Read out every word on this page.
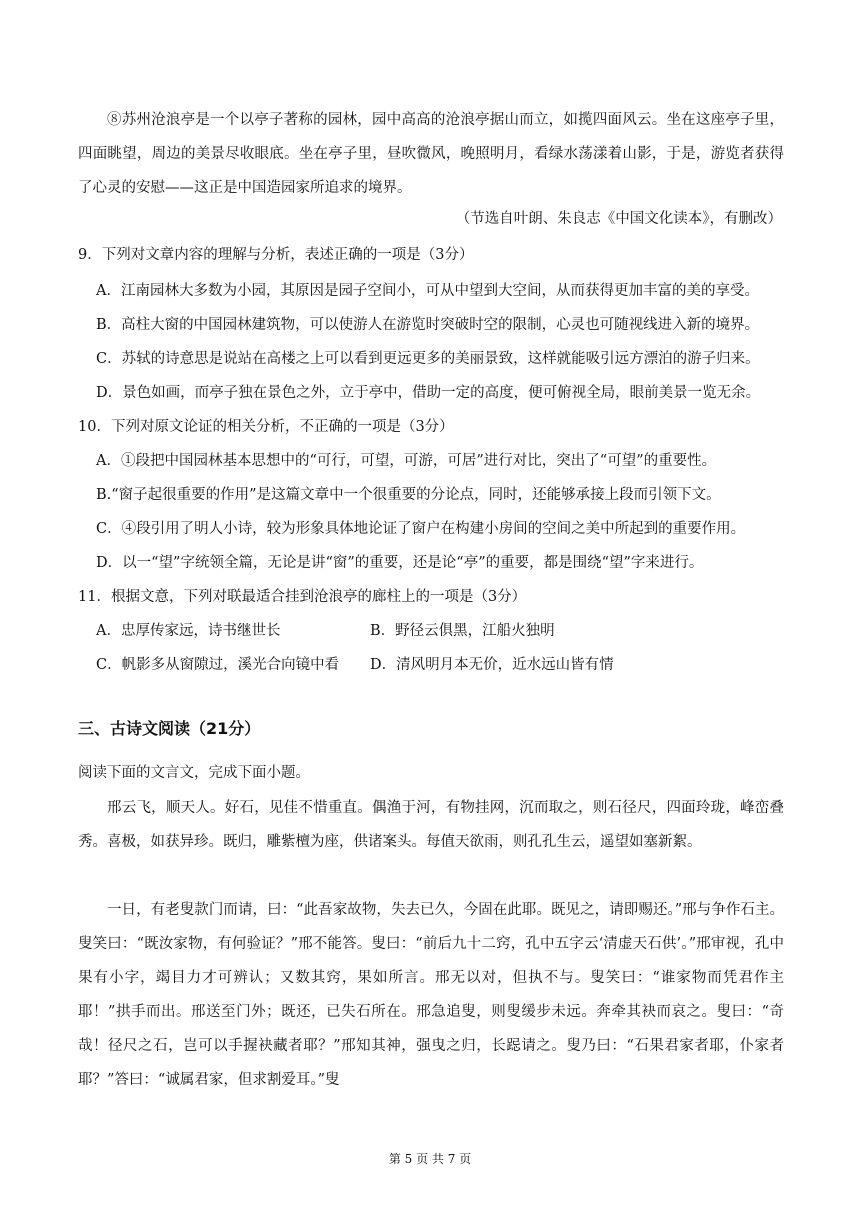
⑧苏州沧浪亭是一个以亭子著称的园林，园中高高的沧浪亭据山而立，如揽四面风云。坐在这座亭子里，四面眺望，周边的美景尽收眼底。坐在亭子里，昼吹微风，晚照明月，看绿水荡漾着山影，于是，游览者获得了心灵的安慰——这正是中国造园家所追求的境界。

（节选自叶朗、朱良志《中国文化读本》，有删改）
9．下列对文章内容的理解与分析，表述正确的一项是（3分）
A．江南园林大多数为小园，其原因是园子空间小，可从中望到大空间，从而获得更加丰富的美的享受。
B．高柱大窗的中国园林建筑物，可以使游人在游览时突破时空的限制，心灵也可随视线进入新的境界。
C．苏轼的诗意思是说站在高楼之上可以看到更远更多的美丽景致，这样就能吸引远方漂泊的游子归来。
D．景色如画，而亭子独在景色之外，立于亭中，借助一定的高度，便可俯视全局，眼前美景一览无余。
10．下列对原文论证的相关分析，不正确的一项是（3分）
A．①段把中国园林基本思想中的“可行，可望，可游，可居”进行对比，突出了“可望”的重要性。
B.“窗子起很重要的作用”是这篇文章中一个很重要的分论点，同时，还能够承接上段而引领下文。
C．④段引用了明人小诗，较为形象具体地论证了窗户在构建小房间的空间之美中所起到的重要作用。
D．以一“望”字统领全篇，无论是讲“窗”的重要，还是论“亭”的重要，都是围绕“望”字来进行。
11．根据文意，下列对联最适合挂到沧浪亭的廊柱上的一项是（3分）
A．忠厚传家远，诗书继世长	B．野径云俱黑，江船火独明
C．帆影多从窗隙过，溪光合向镜中看 D．清风明月本无价，近水远山皆有情
三、古诗文阅读（21分）
阅读下面的文言文，完成下面小题。

邢云飞，顺天人。好石，见佳不惜重直。偶渔于河，有物挂网，沉而取之，则石径尺，四面玲珑，峰峦叠秀。喜极，如获异珍。既归，雕紫檀为座，供诸案头。每值天欲雨，则孔孔生云，遥望如塞新絮。

一日，有老叟款门而请，曰：“此吾家故物，失去已久，今固在此耶。既见之，请即赐还。”邢与争作石主。叟笑曰：“既汝家物，有何验证？”邢不能答。叟曰：“前后九十二窍，孔中五字云‘清虚天石供’。”邢审视，孔中果有小字，竭目力才可辨认；又数其窍，果如所言。邢无以对，但执不与。叟笑曰：“谁家物而凭君作主耶！”拱手而出。邢送至门外；既还，已失石所在。邢急追叟，则叟缓步未远。奔牵其袂而哀之。叟曰：“奇哉！径尺之石，岂可以手握袂藏者耶？”邢知其神，强曳之归，长跽请之。叟乃曰：“石果君家者耶，仆家者耶？”答曰：“诚属君家，但求割爱耳。”叟

第 5 页 共 7 页
